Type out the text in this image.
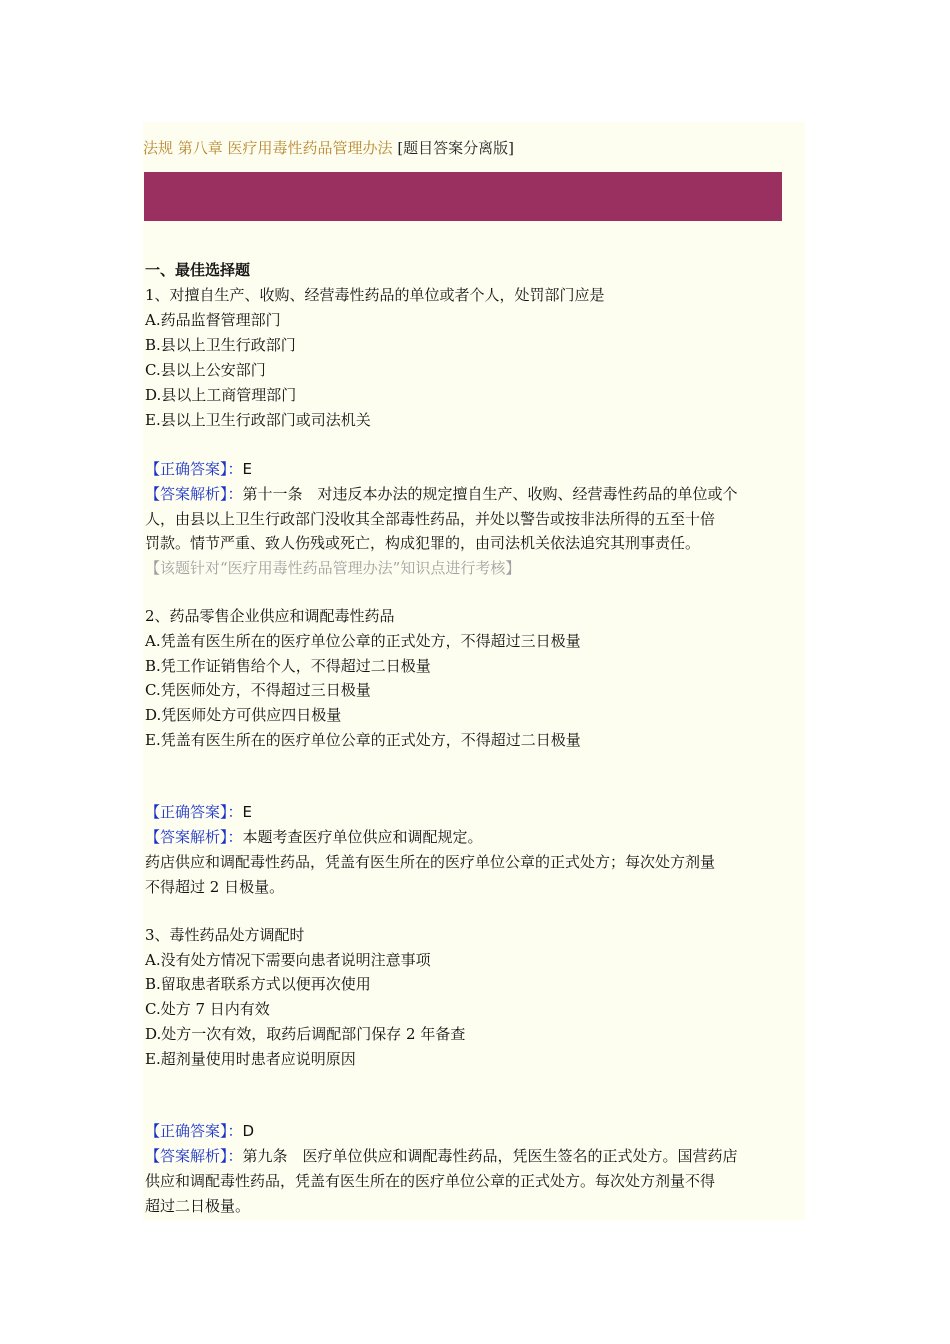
法规 第八章 医疗用毒性药品管理办法 [题目答案分离版]
一、最佳选择题
1、对擅自生产、收购、经营毒性药品的单位或者个人，处罚部门应是
A.药品监督管理部门
B.县以上卫生行政部门
C.县以上公安部门
D.县以上工商管理部门
E.县以上卫生行政部门或司法机关
【正确答案】：E
【答案解析】：第十一条　对违反本办法的规定擅自生产、收购、经营毒性药品的单位或个
人，由县以上卫生行政部门没收其全部毒性药品，并处以警告或按非法所得的五至十倍
罚款。情节严重、致人伤残或死亡，构成犯罪的，由司法机关依法追究其刑事责任。
【该题针对“医疗用毒性药品管理办法”知识点进行考核】
2、药品零售企业供应和调配毒性药品
A.凭盖有医生所在的医疗单位公章的正式处方，不得超过三日极量
B.凭工作证销售给个人，不得超过二日极量
C.凭医师处方，不得超过三日极量
D.凭医师处方可供应四日极量
E.凭盖有医生所在的医疗单位公章的正式处方，不得超过二日极量
【正确答案】：E
【答案解析】：本题考查医疗单位供应和调配规定。
药店供应和调配毒性药品，凭盖有医生所在的医疗单位公章的正式处方；每次处方剂量
不得超过 2 日极量。
3、毒性药品处方调配时
A.没有处方情况下需要向患者说明注意事项
B.留取患者联系方式以便再次使用
C.处方 7 日内有效
D.处方一次有效，取药后调配部门保存 2 年备查
E.超剂量使用时患者应说明原因
【正确答案】：D
【答案解析】：第九条　医疗单位供应和调配毒性药品，凭医生签名的正式处方。国营药店
供应和调配毒性药品，凭盖有医生所在的医疗单位公章的正式处方。每次处方剂量不得
超过二日极量。
